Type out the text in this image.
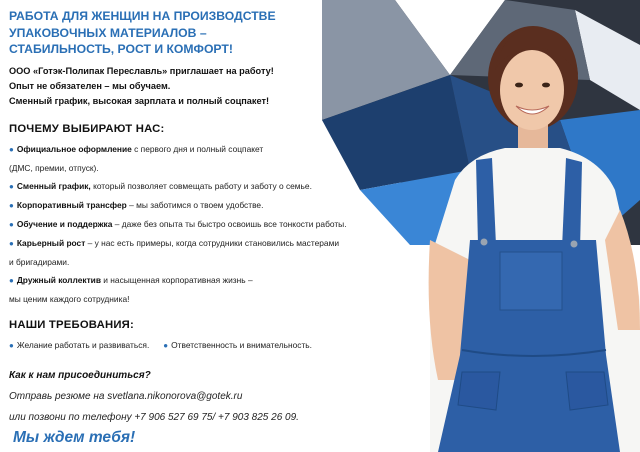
РАБОТА ДЛЯ ЖЕНЩИН НА ПРОИЗВОДСТВЕ
УПАКОВОЧНЫХ МАТЕРИАЛОВ –
СТАБИЛЬНОСТЬ, РОСТ И КОМФОРТ!
ООО «Готэк-Полипак Переславль» приглашает на работу!
Опыт не обязателен – мы обучаем.
Сменный график, высокая зарплата и полный соцпакет!
ПОЧЕМУ ВЫБИРАЮТ НАС:
● Официальное оформление с первого дня и полный соцпакет
(ДМС, премии, отпуск).
● Сменный график, который позволяет совмещать работу и заботу о семье.
● Корпоративный трансфер – мы заботимся о твоем удобстве.
● Обучение и поддержка – даже без опыта ты быстро освоишь все тонкости работы.
● Карьерный рост – у нас есть примеры, когда сотрудники становились мастерами
и бригадирами.
● Дружный коллектив и насыщенная корпоративная жизнь –
мы ценим каждого сотрудника!
НАШИ ТРЕБОВАНИЯ:
● Желание работать и развиваться. ● Ответственность и внимательность.
Как к нам присоединиться?
Отправь резюме на svetlana.nikonorova@gotek.ru
или позвони по телефону +7 906 527 69 75/ +7 903 825 26 09.
Мы ждем тебя!
